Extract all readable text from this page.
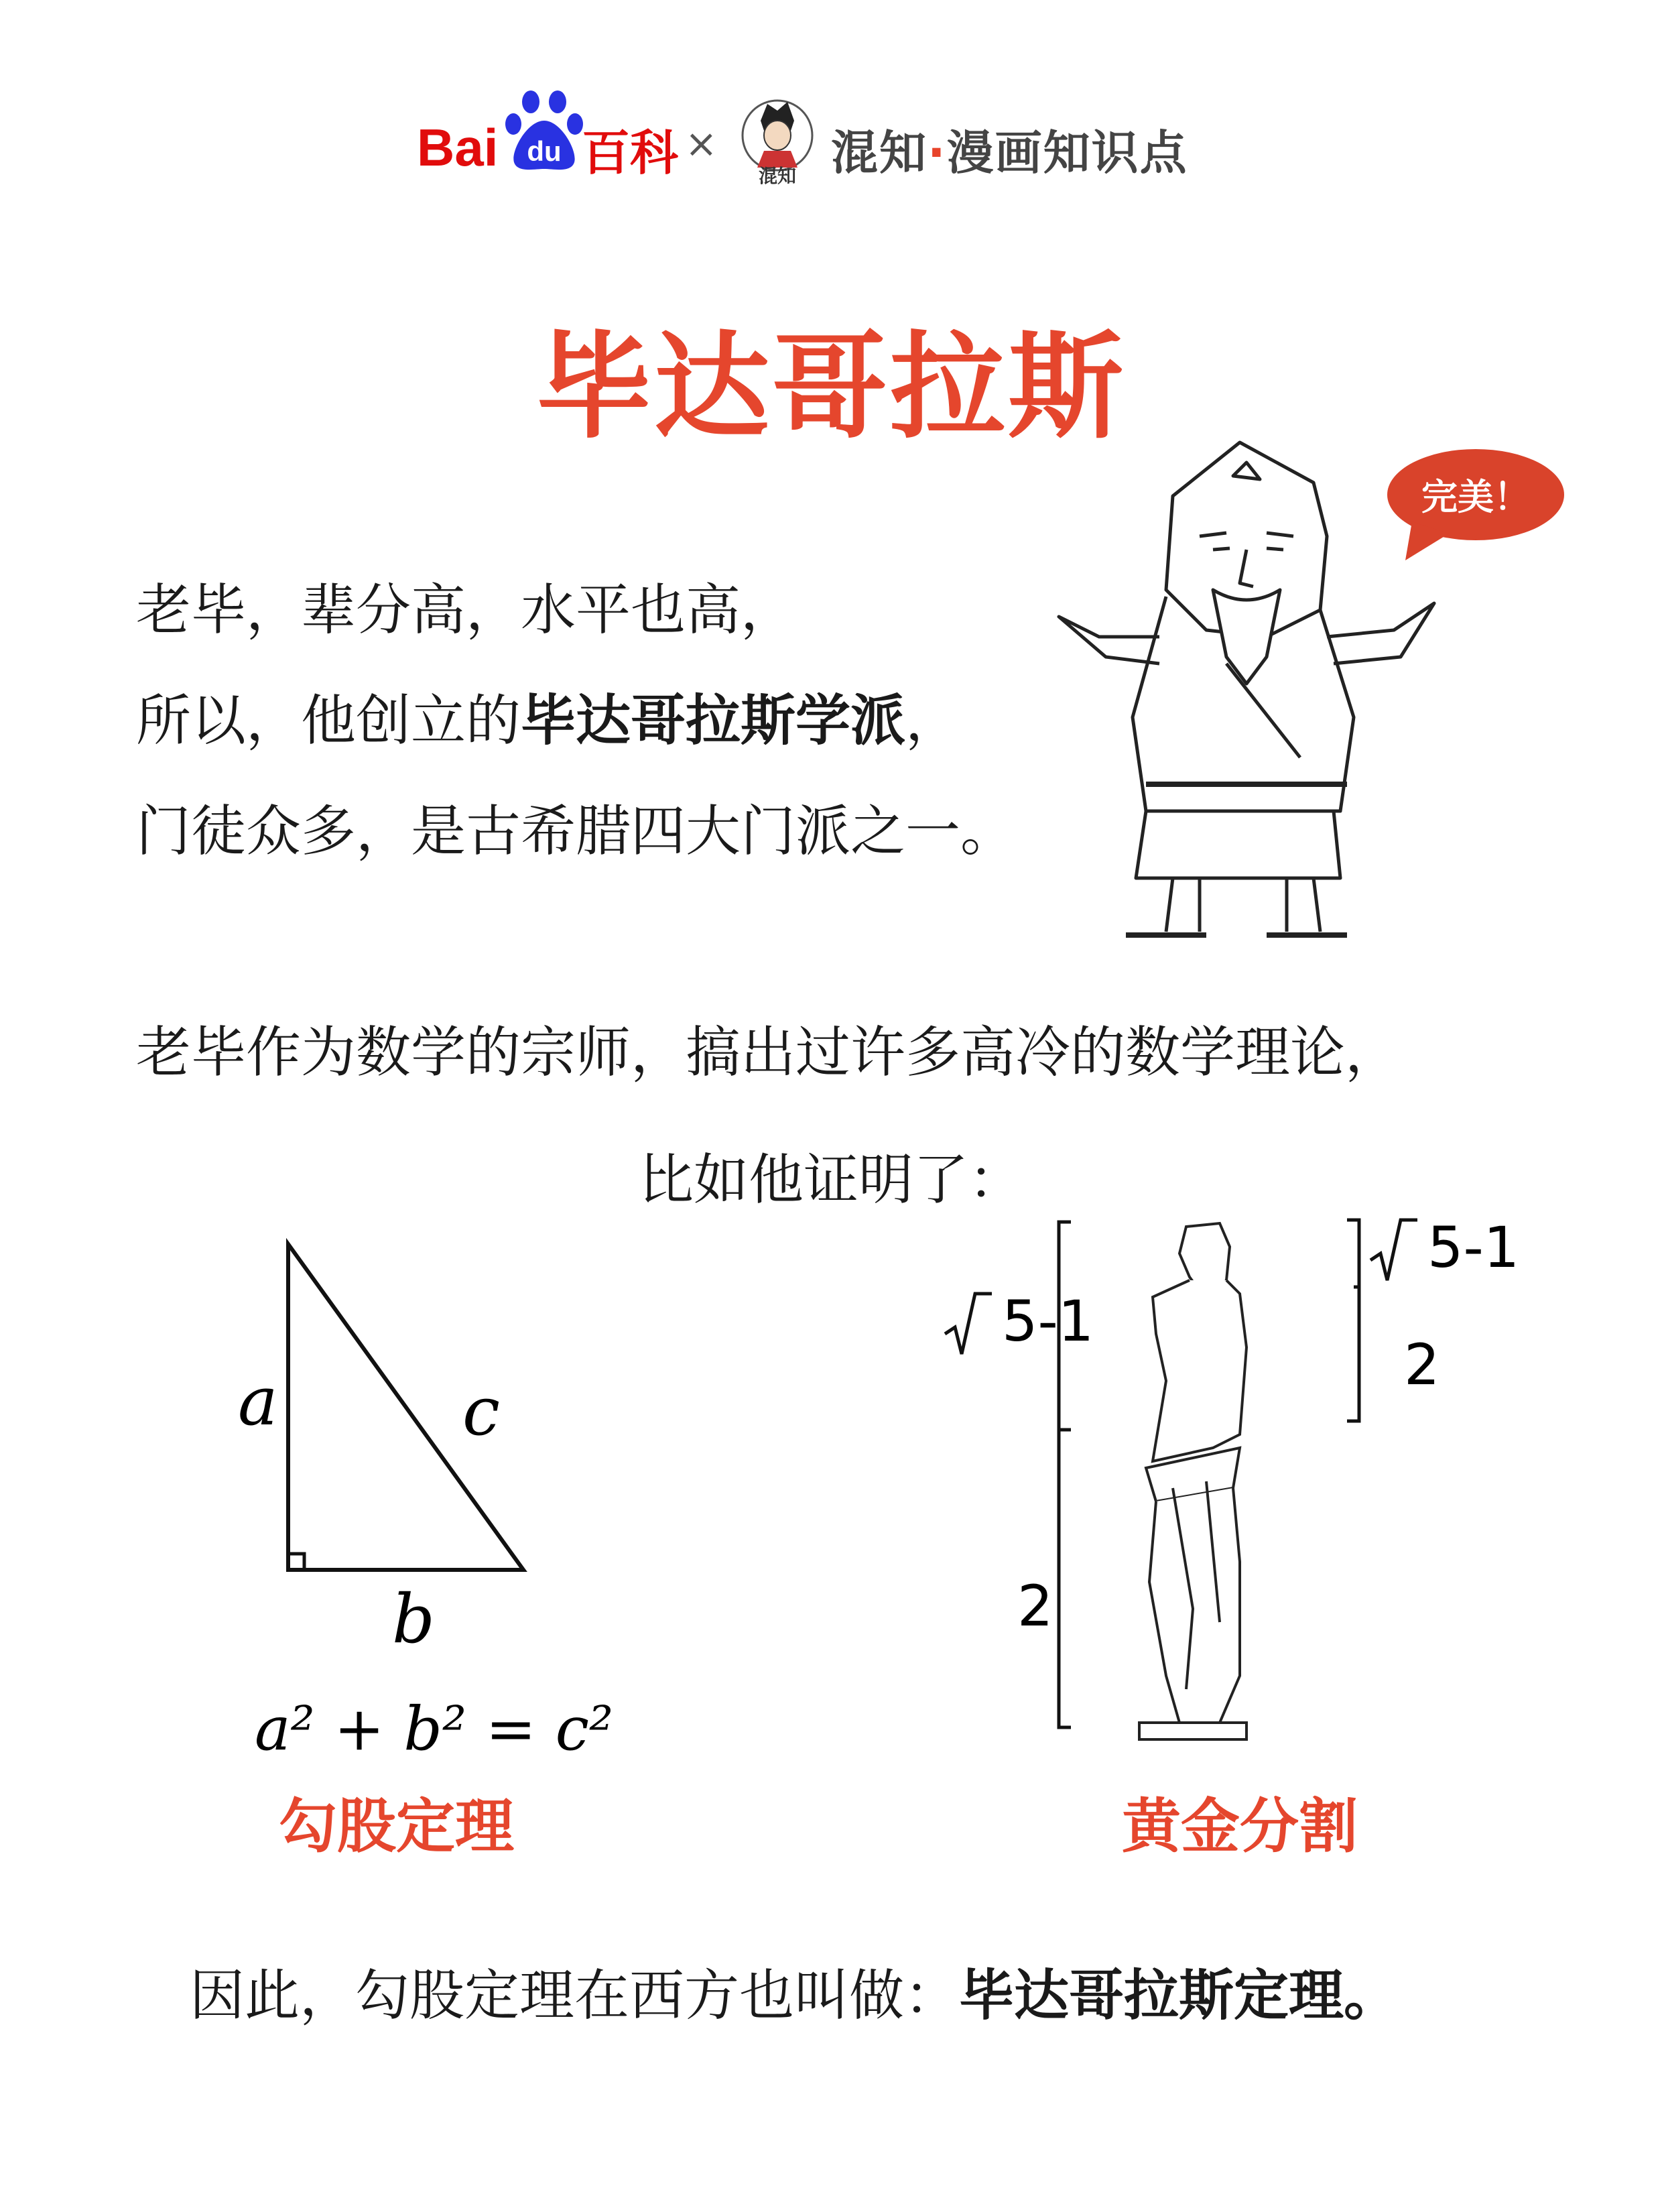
Bai du 百科 ×
混知 混知·漫画知识点
毕达哥拉斯
老毕，辈分高，水平也高，
所以，他创立的毕达哥拉斯学派，
门徒众多，是古希腊四大门派之一。
完美！
老毕作为数学的宗师，搞出过许多高冷的数学理论，
比如他证明了：
a	c
b
a² + b² = c²
勾股定理
5-1
2
5-1
2
黄金分割
因此，勾股定理在西方也叫做：毕达哥拉斯定理。
